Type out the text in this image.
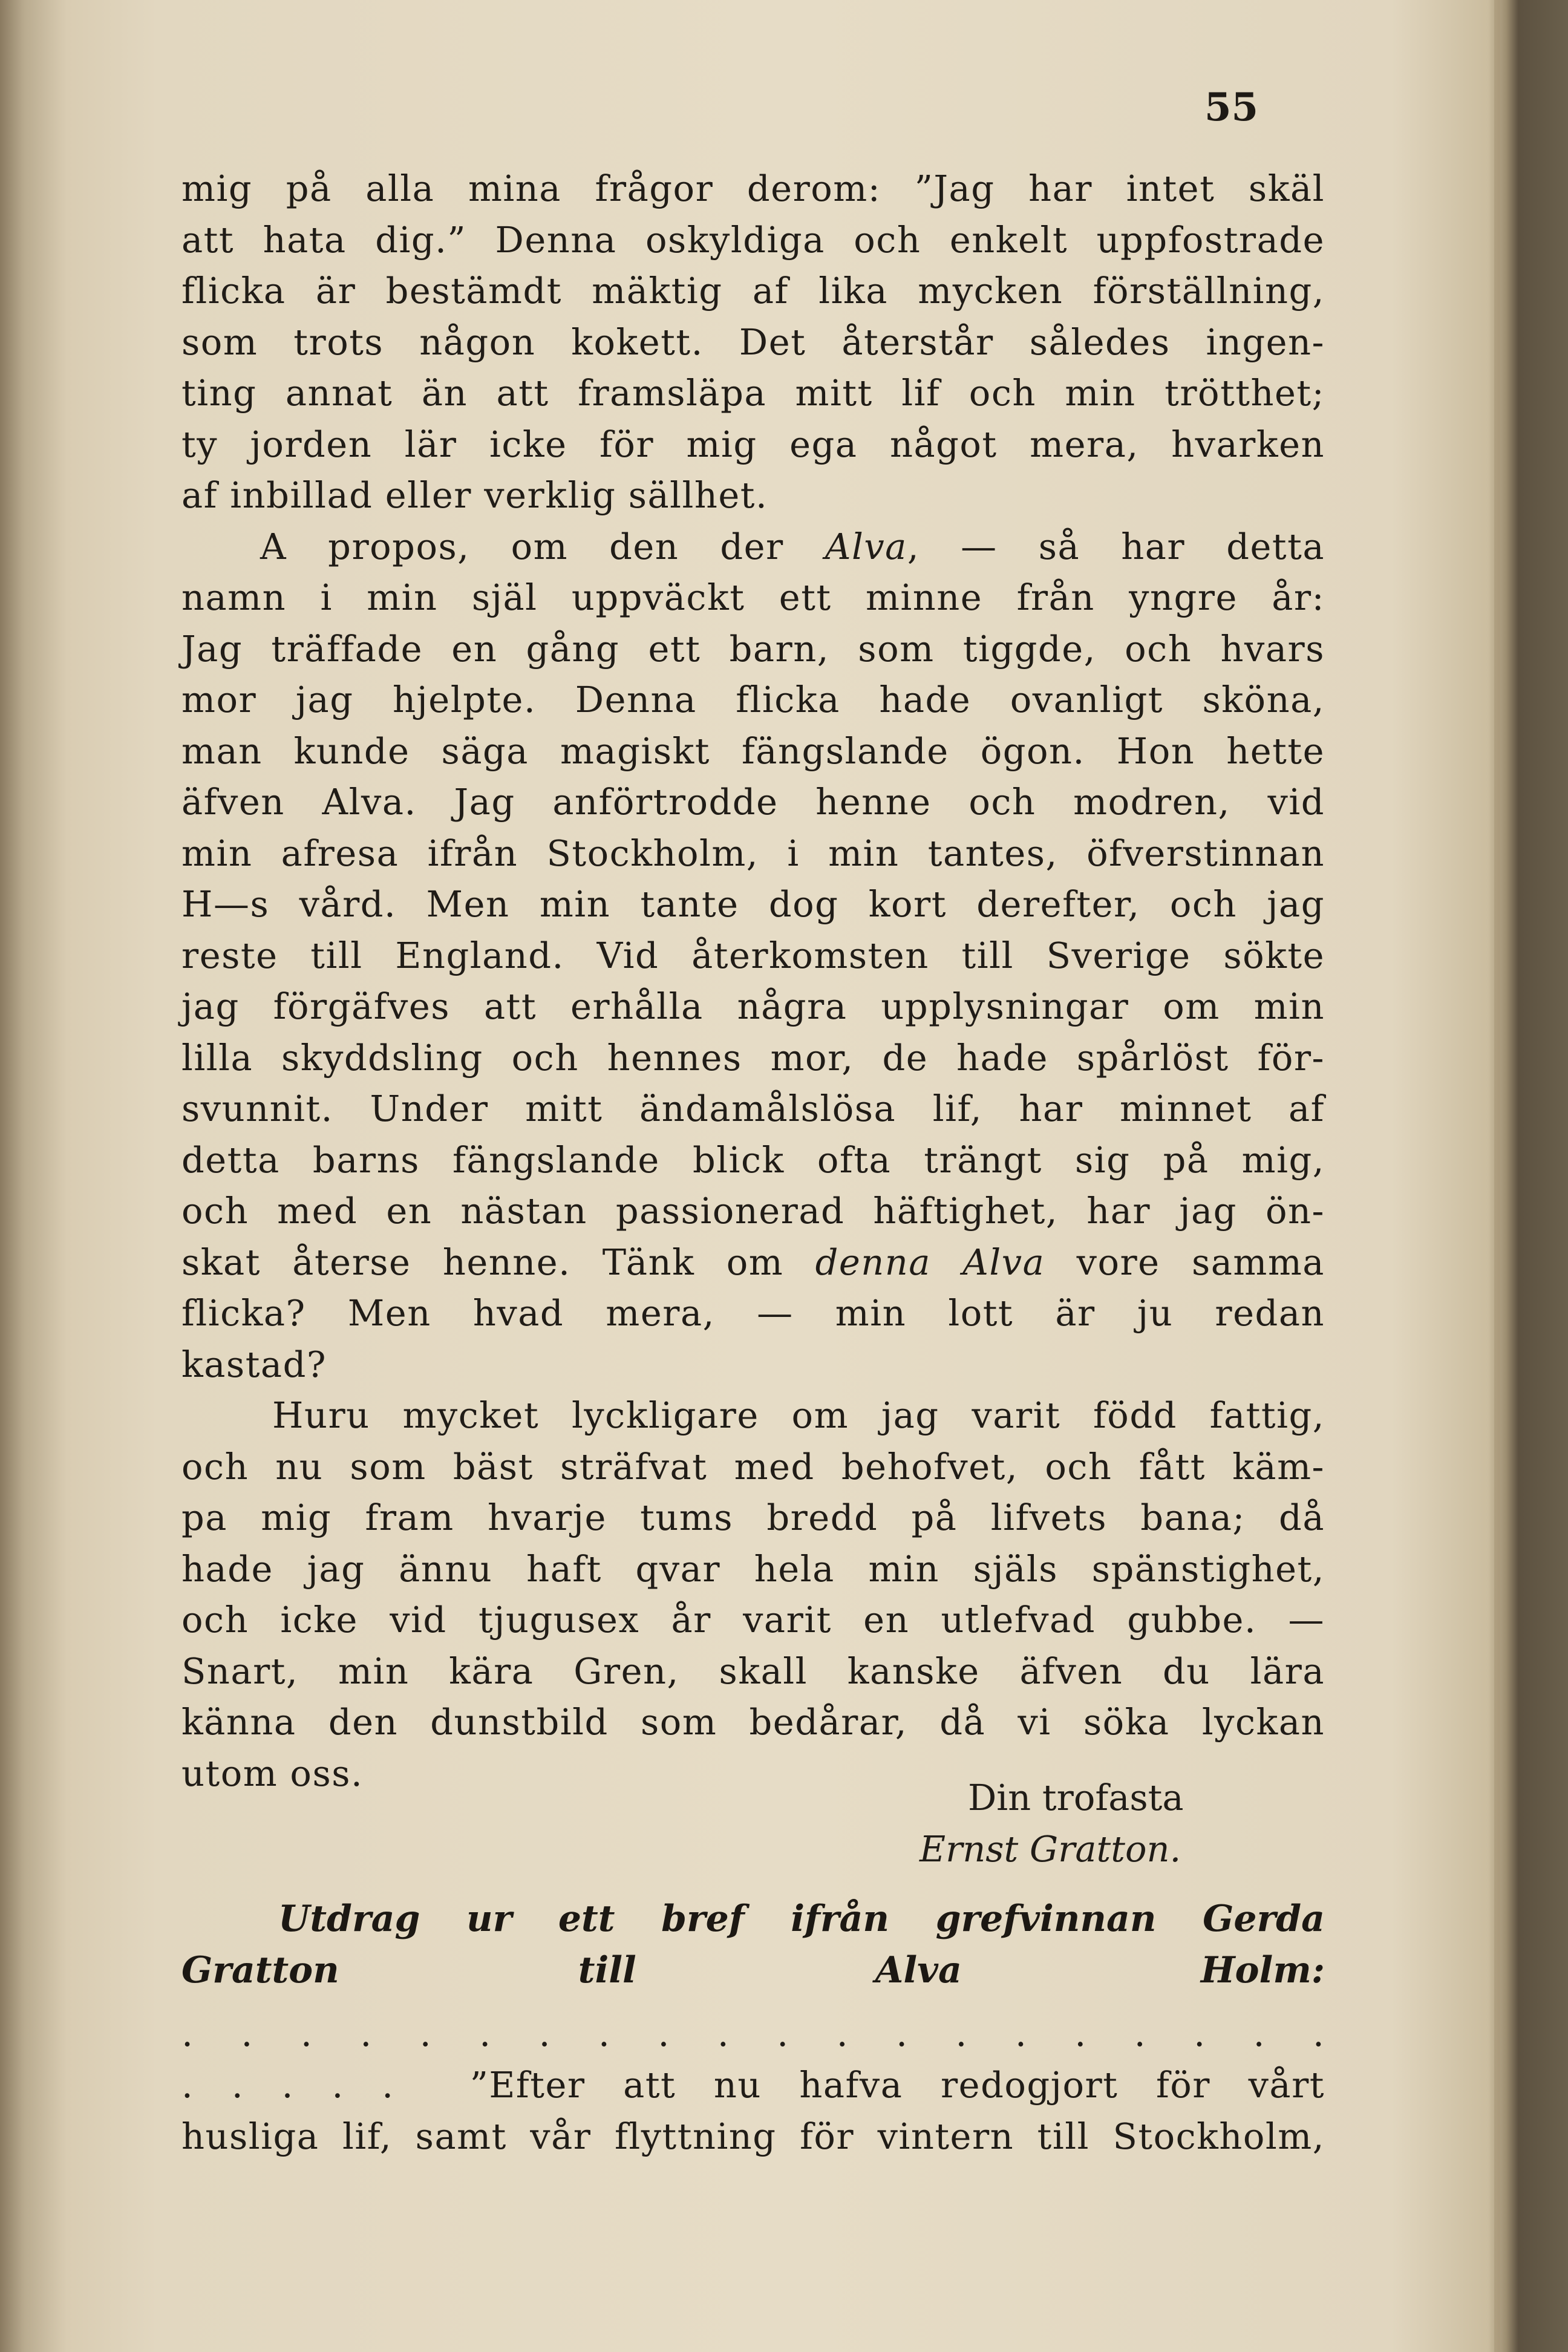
55

mig på alla mina frågor derom: ”Jag har intet skäl
att hata dig.” Denna oskyldiga och enkelt uppfostrade
flicka är bestämdt mäktig af lika mycken förställning,
som trots någon kokett. Det återstår således ingen-
ting annat än att framsläpa mitt lif och min trötthet;
ty jorden lär icke för mig ega något mera, hvarken
af inbillad eller verklig sällhet.

A propos, om den der Alva, — så har detta
namn i min själ uppväckt ett minne från yngre år:
Jag träffade en gång ett barn, som tiggde, och hvars
mor jag hjelpte. Denna flicka hade ovanligt sköna,
man kunde säga magiskt fängslande ögon. Hon hette
äfven Alva. Jag anförtrodde henne och modren, vid
min afresa ifrån Stockholm, i min tantes, öfverstinnan
H—s vård. Men min tante dog kort derefter, och jag
reste till England. Vid återkomsten till Sverige sökte
jag förgäfves att erhålla några upplysningar om min
lilla skyddsling och hennes mor, de hade spårlöst för-
svunnit. Under mitt ändamålslösa lif, har minnet af
detta barns fängslande blick ofta trängt sig på mig,
och med en nästan passionerad häftighet, har jag ön-
skat återse henne. Tänk om denna Alva vore samma
flicka? Men hvad mera, — min lott är ju redan
kastad?

Huru mycket lyckligare om jag varit född fattig,
och nu som bäst sträfvat med behofvet, och fått käm-
pa mig fram hvarje tums bredd på lifvets bana; då
hade jag ännu haft qvar hela min själs spänstighet,
och icke vid tjugusex år varit en utlefvad gubbe. —
Snart, min kära Gren, skall kanske äfven du lära
känna den dunstbild som bedårar, då vi söka lyckan
utom oss.

Din trofasta
Ernst Gratton.
Utdrag ur ett bref ifrån grefvinnan Gerda
Gratton till Alva Holm:
. . . . . . . . . . . . . . . . . . . .
. . . . .  ”Efter att nu hafva redogjort för vårt
husliga lif, samt vår flyttning för vintern till Stockholm,
